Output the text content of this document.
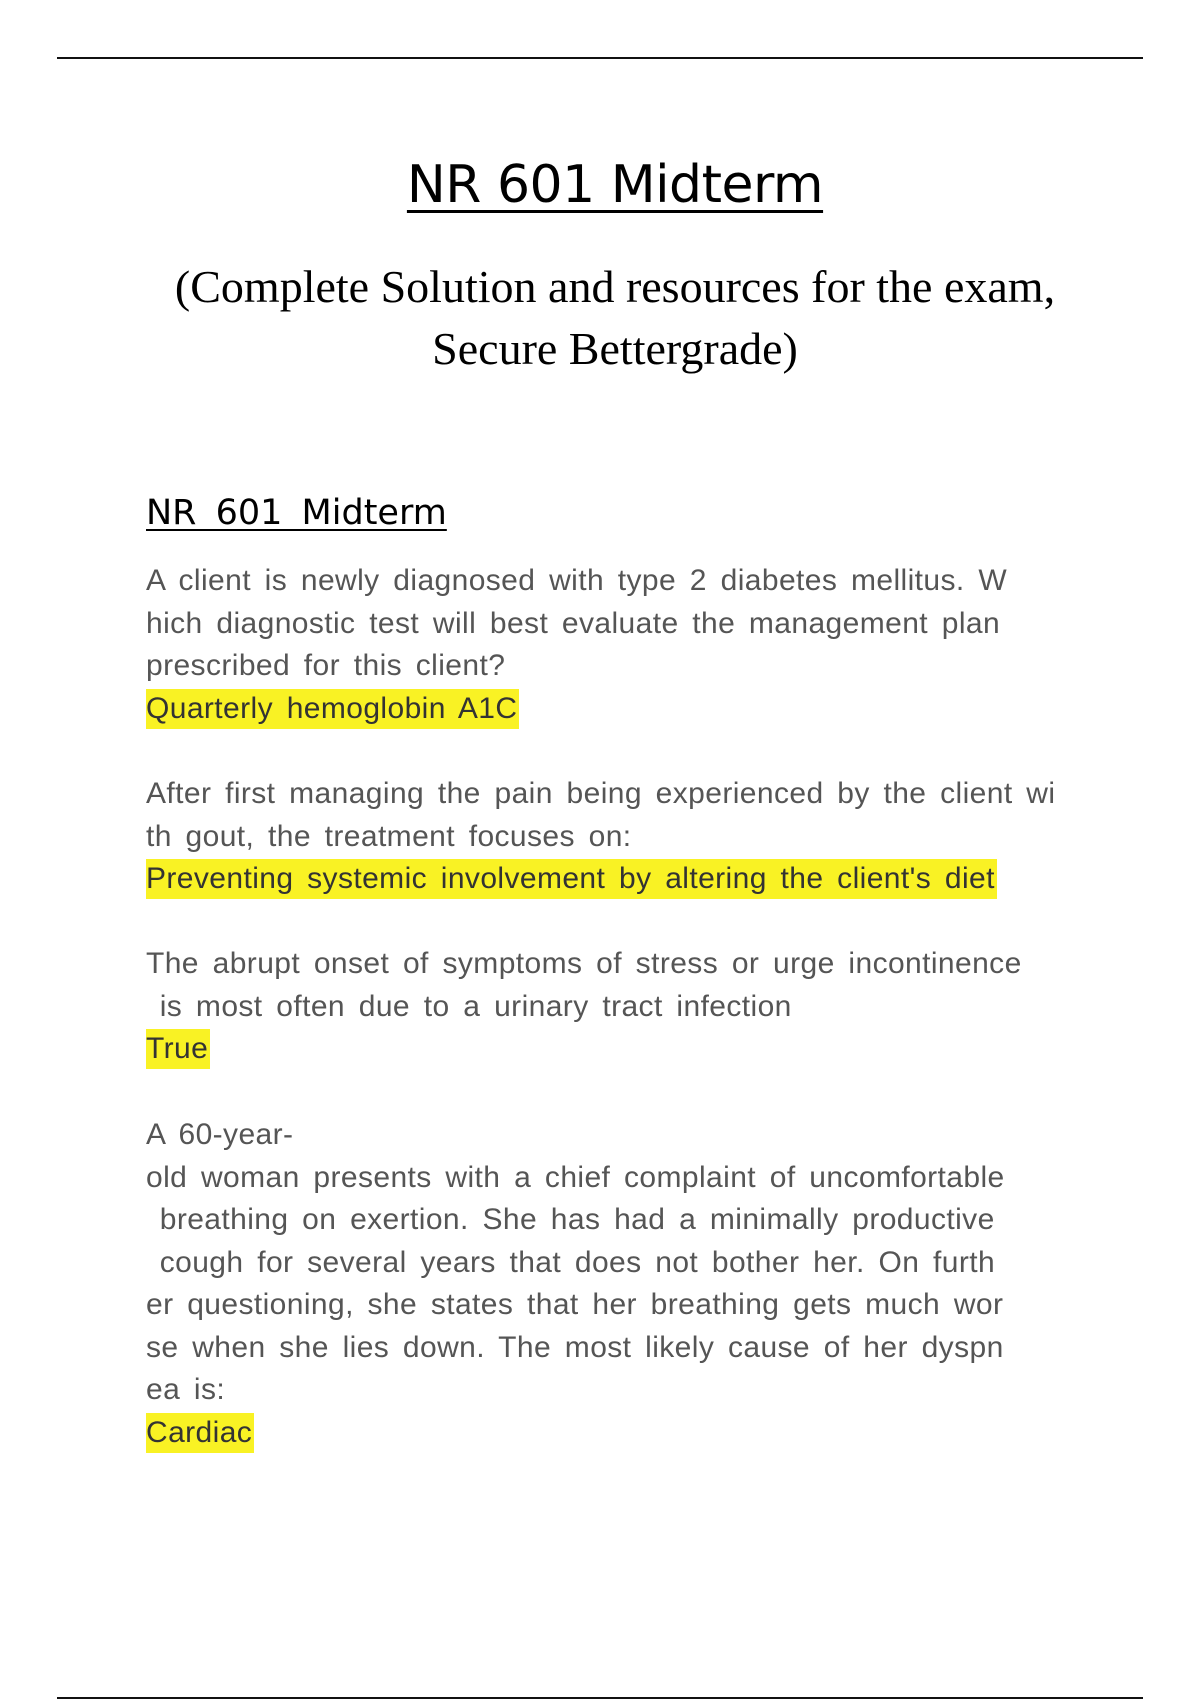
NR 601 Midterm
(Complete Solution and resources for the exam,
Secure Bettergrade)
NR 601 Midterm
A client is newly diagnosed with type 2 diabetes mellitus. W
hich diagnostic test will best evaluate the management plan
prescribed for this client?
Quarterly hemoglobin A1C
After first managing the pain being experienced by the client wi
th gout, the treatment focuses on:
Preventing systemic involvement by altering the client's diet
The abrupt onset of symptoms of stress or urge incontinence
is most often due to a urinary tract infection
True
A 60-year-
old woman presents with a chief complaint of uncomfortable
breathing on exertion. She has had a minimally productive
cough for several years that does not bother her. On furth
er questioning, she states that her breathing gets much wor
se when she lies down. The most likely cause of her dyspn
ea is:
Cardiac
